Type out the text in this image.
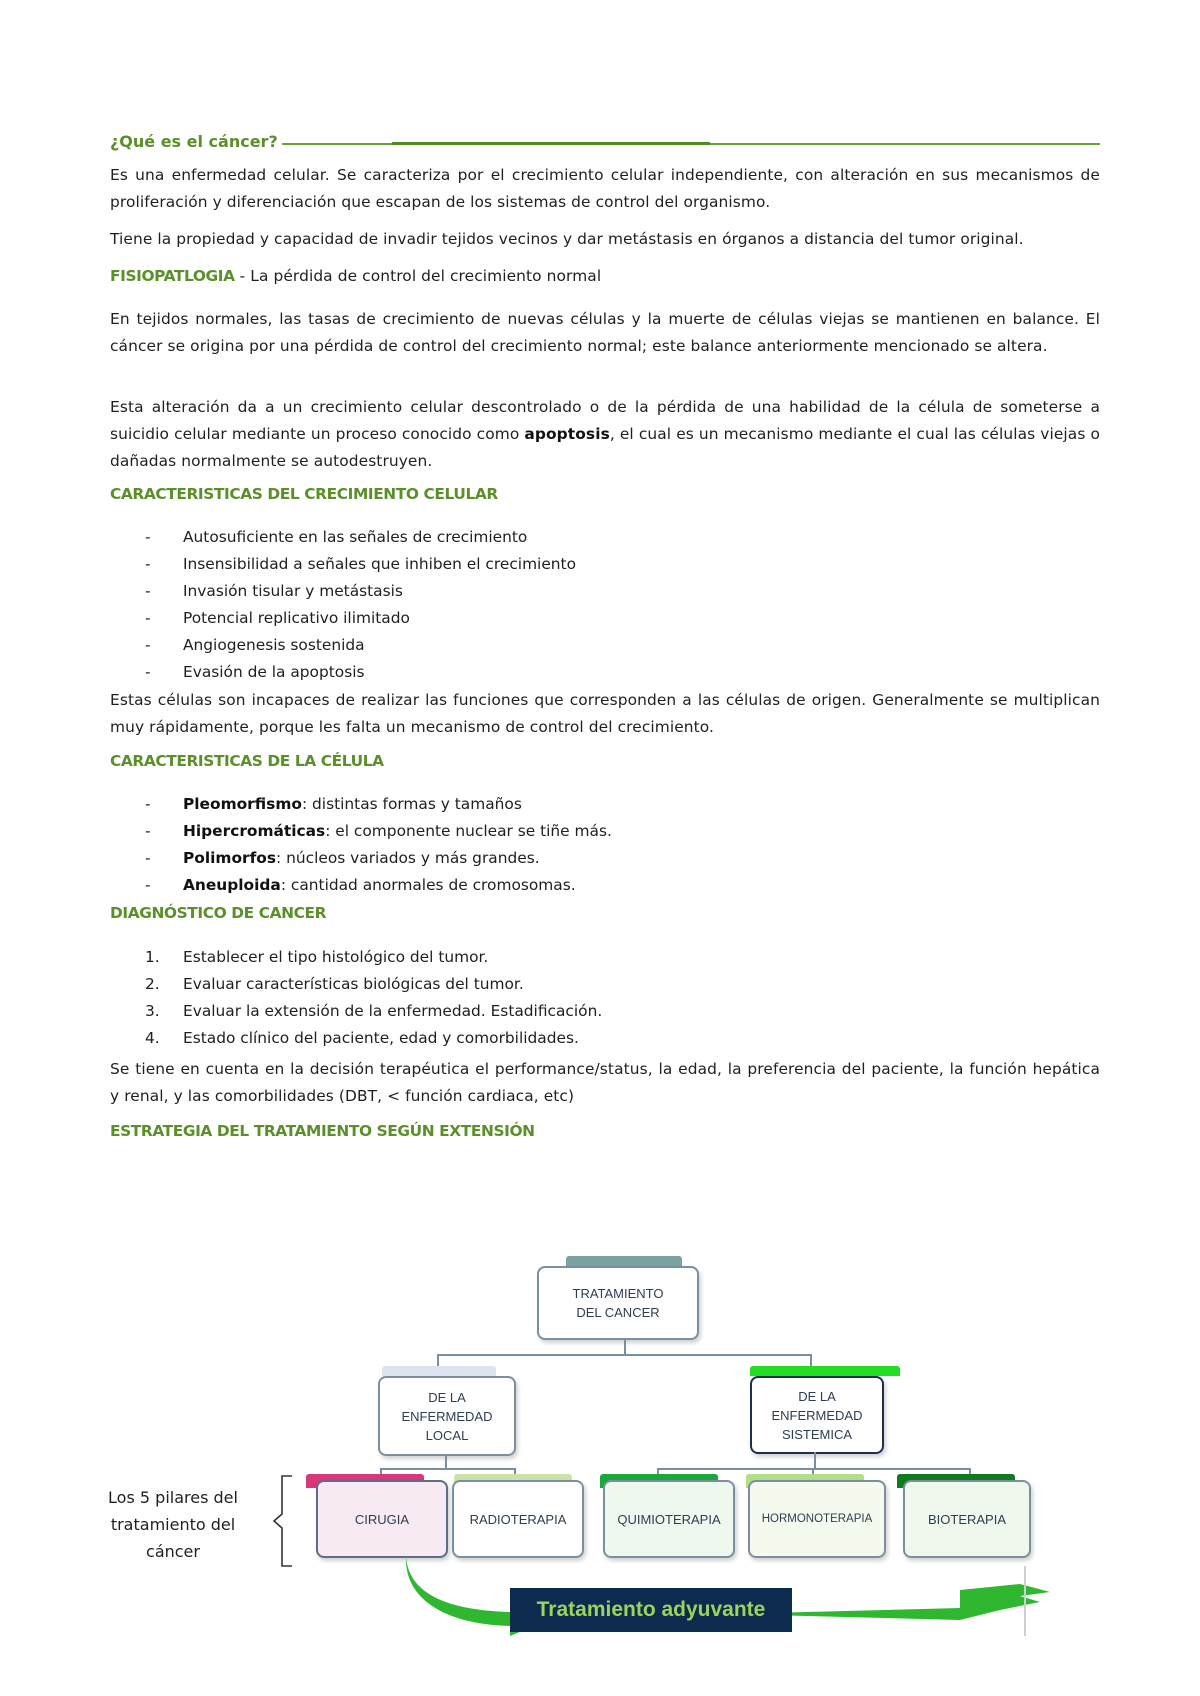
¿Qué es el cáncer?

Es una enfermedad celular. Se caracteriza por el crecimiento celular independiente, con alteración en sus mecanismos de proliferación y diferenciación que escapan de los sistemas de control del organismo.

Tiene la propiedad y capacidad de invadir tejidos vecinos y dar metástasis en órganos a distancia del tumor original.

FISIOPATLOGIA - La pérdida de control del crecimiento normal

En tejidos normales, las tasas de crecimiento de nuevas células y la muerte de células viejas se mantienen en balance. El cáncer se origina por una pérdida de control del crecimiento normal; este balance anteriormente mencionado se altera.

Esta alteración da a un crecimiento celular descontrolado o de la pérdida de una habilidad de la célula de someterse a suicidio celular mediante un proceso conocido como apoptosis, el cual es un mecanismo mediante el cual las células viejas o dañadas normalmente se autodestruyen.

CARACTERISTICAS DEL CRECIMIENTO CELULAR
- Autosuficiente en las señales de crecimiento
- Insensibilidad a señales que inhiben el crecimiento
- Invasión tisular y metástasis
- Potencial replicativo ilimitado
- Angiogenesis sostenida
- Evasión de la apoptosis

Estas células son incapaces de realizar las funciones que corresponden a las células de origen. Generalmente se multiplican muy rápidamente, porque les falta un mecanismo de control del crecimiento.

CARACTERISTICAS DE LA CÉLULA
- Pleomorfismo: distintas formas y tamaños
- Hipercromáticas: el componente nuclear se tiñe más.
- Polimorfos: núcleos variados y más grandes.
- Aneuploida: cantidad anormales de cromosomas.
DIAGNÓSTICO DE CANCER
1. Establecer el tipo histológico del tumor.
2. Evaluar características biológicas del tumor.
3. Evaluar la extensión de la enfermedad. Estadificación.
4. Estado clínico del paciente, edad y comorbilidades.

Se tiene en cuenta en la decisión terapéutica el performance/status, la edad, la preferencia del paciente, la función hepática y renal, y las comorbilidades (DBT, < función cardiaca, etc)

ESTRATEGIA DEL TRATAMIENTO SEGÚN EXTENSIÓN
TRATAMIENTO
DEL CANCER
DE LA
ENFERMEDAD
LOCAL
DE LA
ENFERMEDAD
SISTEMICA
CIRUGIA	RADIOTERAPIA	QUIMIOTERAPIA	HORMONOTERAPIA	BIOTERAPIA
Los 5 pilares del
tratamiento del
cáncer
Tratamiento adyuvante
